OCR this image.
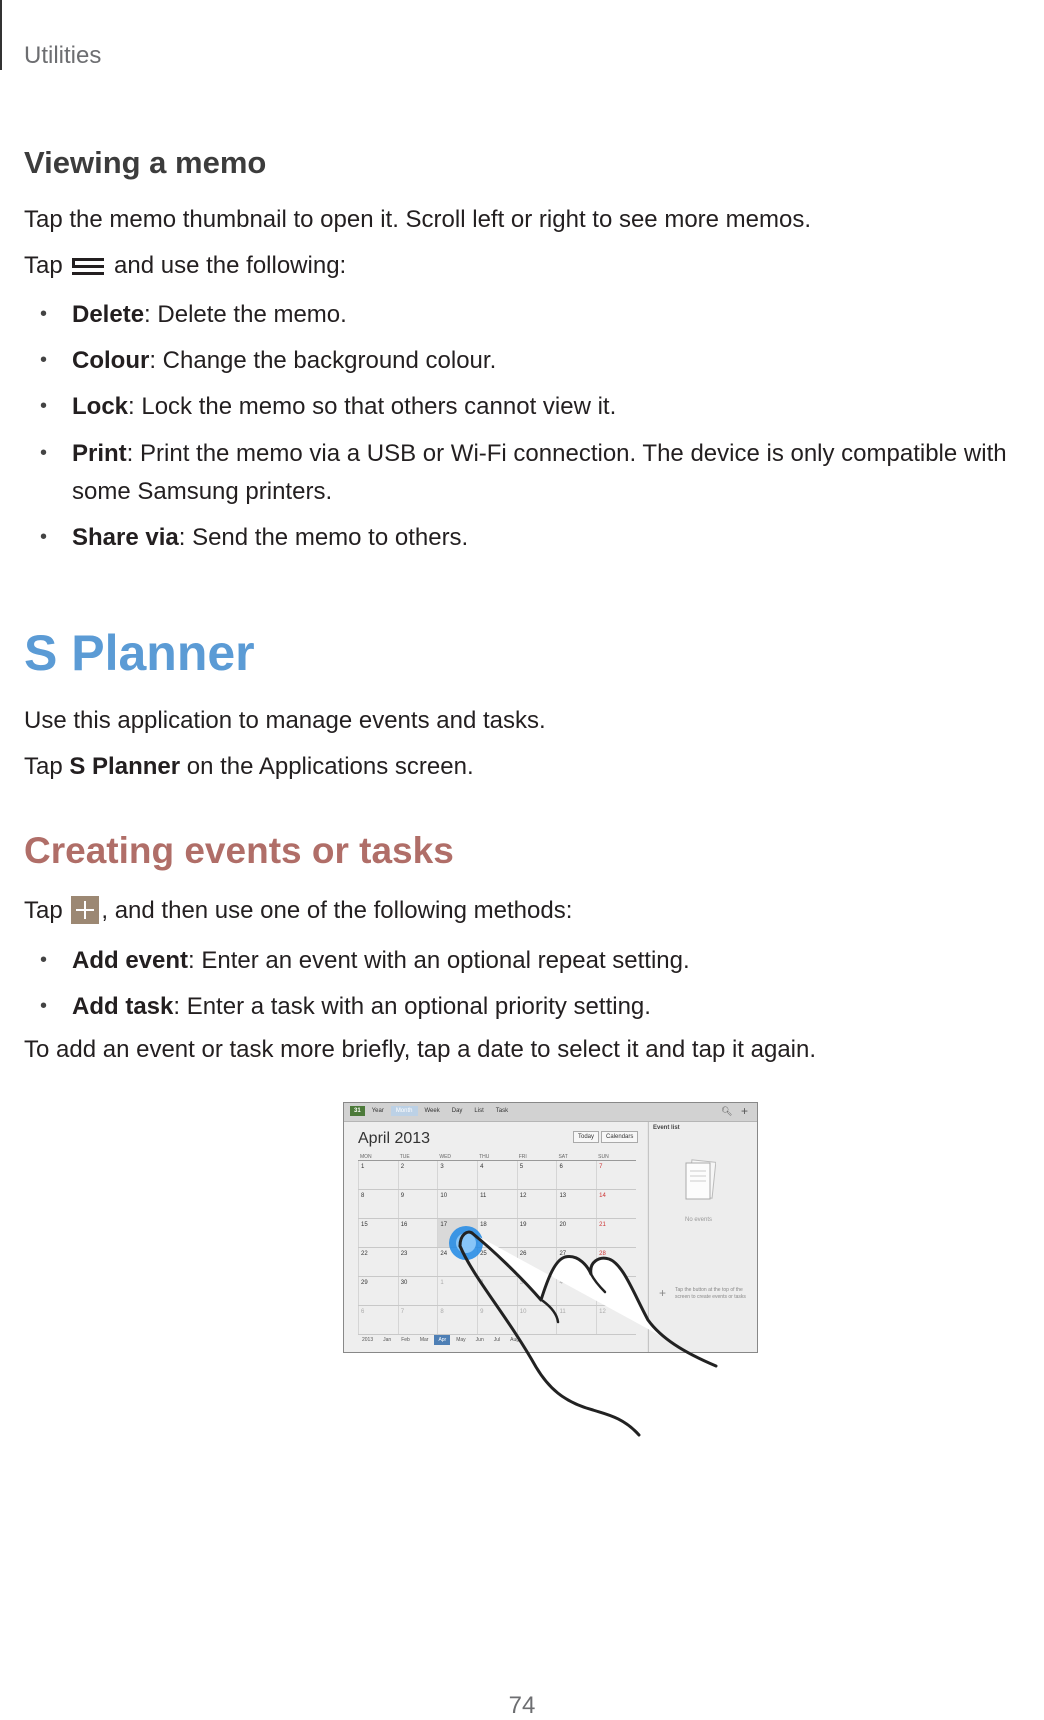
Utilities
Viewing a memo
Tap the memo thumbnail to open it. Scroll left or right to see more memos.
Tap and use the following:
•	Delete: Delete the memo.
•	Colour: Change the background colour.
•	Lock: Lock the memo so that others cannot view it.
•	Print: Print the memo via a USB or Wi-Fi connection. The device is only compatible with
some Samsung printers.
•	Share via: Send the memo to others.
S Planner
Use this application to manage events and tasks.
Tap S Planner on the Applications screen.
Creating events or tasks
Tap , and then use one of the following methods:
•	Add event: Enter an event with an optional repeat setting.
•	Add task: Enter a task with an optional priority setting.
To add an event or task more briefly, tap a date to select it and tap it again.
31	Year	Month	Week	Day	List	Task	🔍︎ +
April 2013	Today	Calendars
MON	TUE	WED	THU	FRI	SAT	SUN
1	2	3	4	5	6	7
8	9	10	11	12	13	14
15	16	17	18	19	20	21
22	23	24	25	26	27	28
29	30	1	2	3	4
6	7	8	9	10	11	12
2013	Jan	Feb	Mar	Apr	May	Jun	Jul	Aug
Event list
No events
+ Tap the button at the top of the screen to create events or tasks
74
